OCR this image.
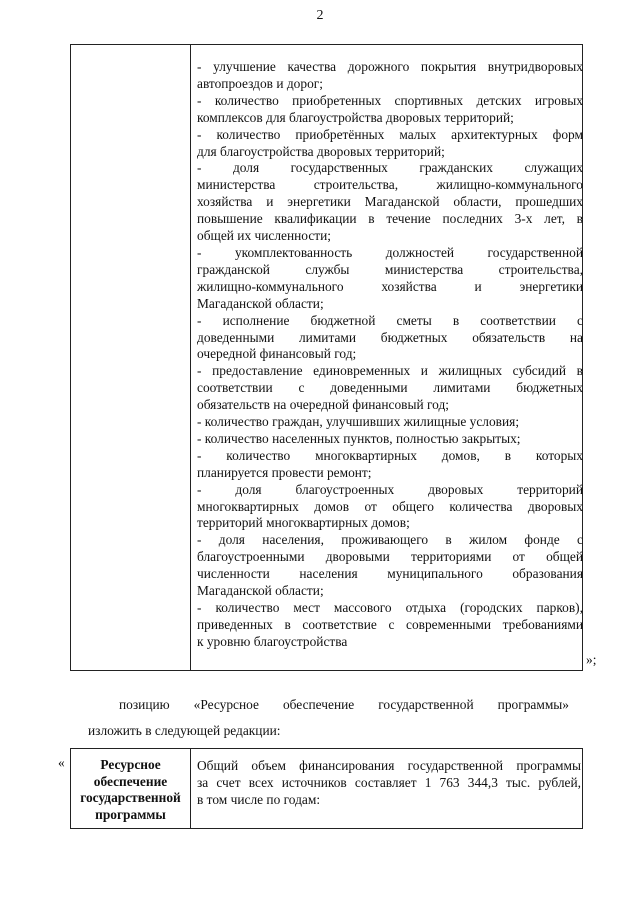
2
- улучшение качества дорожного покрытия внутридворовых
автопроездов и дорог;
- количество приобретенных спортивных детских игровых
комплексов для благоустройства дворовых территорий;
- количество приобретённых малых архитектурных форм
для благоустройства дворовых территорий;
- доля государственных гражданских служащих
министерства строительства, жилищно-коммунального
хозяйства и энергетики Магаданской области, прошедших
повышение квалификации в течение последних 3-х лет, в
общей их численности;
- укомплектованность должностей государственной
гражданской службы министерства строительства,
жилищно-коммунального хозяйства и энергетики
Магаданской области;
- исполнение бюджетной сметы в соответствии с
доведенными лимитами бюджетных обязательств на
очередной финансовый год;
- предоставление единовременных и жилищных субсидий в
соответствии с доведенными лимитами бюджетных
обязательств на очередной финансовый год;
- количество граждан, улучшивших жилищные условия;
- количество населенных пунктов, полностью закрытых;
- количество многоквартирных домов, в которых
планируется провести ремонт;
- доля благоустроенных дворовых территорий
многоквартирных домов от общего количества дворовых
территорий многоквартирных домов;
- доля населения, проживающего в жилом фонде с
благоустроенными дворовыми территориями от общей
численности населения муниципального образования
Магаданской области;
- количество мест массового отдыха (городских парков),
приведенных в соответствие с современными требованиями
к уровню благоустройства
»;
позицию «Ресурсное обеспечение государственной программы»
изложить в следующей редакции:
«	Ресурсное
обеспечение
государственной
программы
Общий объем финансирования государственной программы
за счет всех источников составляет 1 763 344,3 тыс. рублей,
в том числе по годам:
